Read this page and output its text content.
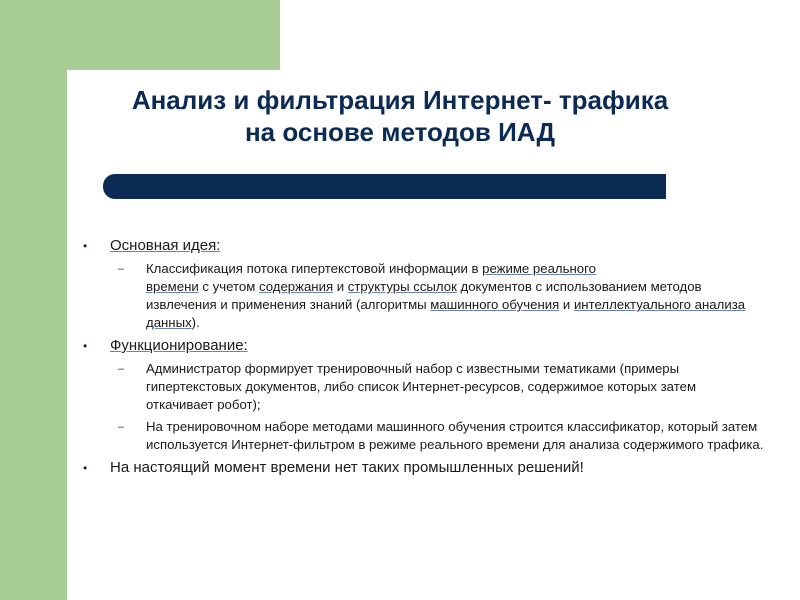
Анализ и фильтрация Интернет- трафика
на основе методов ИАД
• Основная идея:
– Классификация потока гипертекстовой информации в режиме реального
времени с учетом содержания и структуры ссылок документов с использованием методов извлечения и применения знаний (алгоритмы машинного обучения и интеллектуального анализа данных).
• Функционирование:
– Администратор формирует тренировочный набор с известными тематиками (примеры гипертекстовых документов, либо список Интернет-ресурсов, содержимое которых затем откачивает робот);
– На тренировочном наборе методами машинного обучения строится классификатор, который затем используется Интернет-фильтром в режиме реального времени для анализа содержимого трафика.
• На настоящий момент времени нет таких промышленных решений!
